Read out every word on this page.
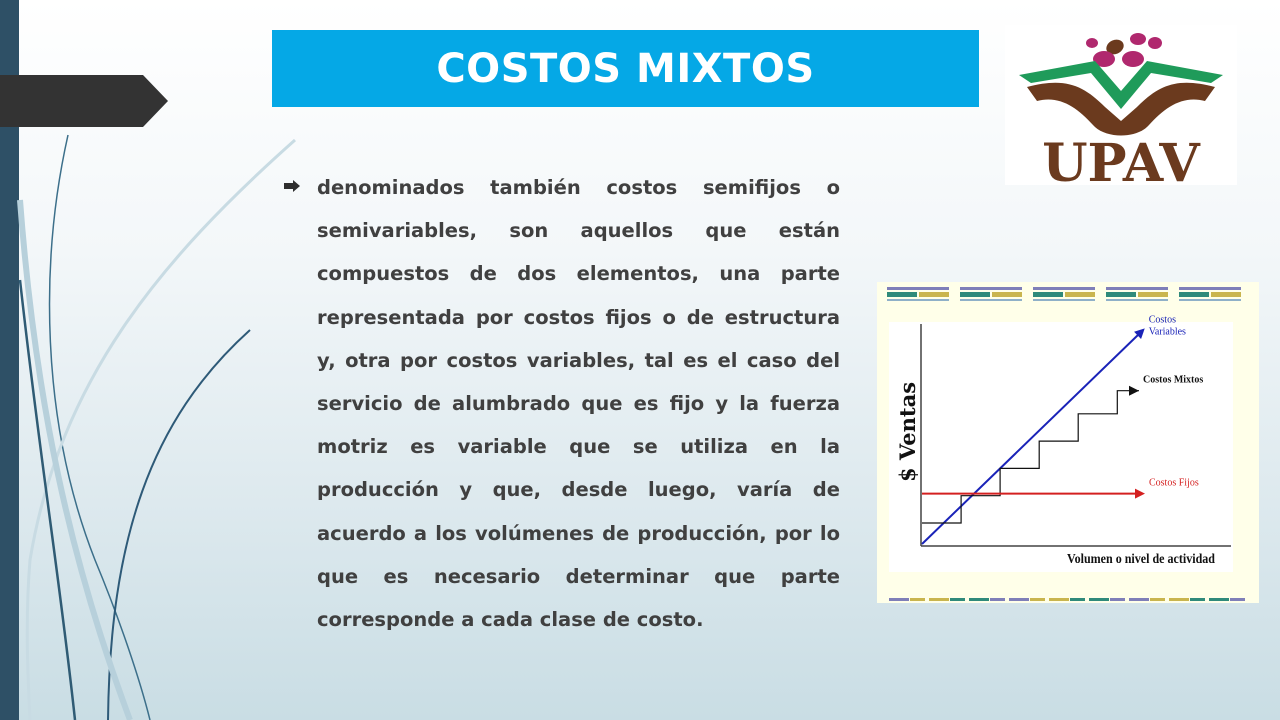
COSTOS MIXTOS
UPAV
denominados también costos semifijos o semivariables, son aquellos que están compuestos de dos elementos, una parte representada por costos fijos o de estructura y, otra por costos variables, tal es el caso del servicio de alumbrado que es fijo y la fuerza motriz es variable que se utiliza en la producción y que, desde luego, varía de acuerdo a los volúmenes de producción, por lo que es necesario determinar que parte corresponde a cada clase de costo.
$ Ventas
Volumen o nivel de actividad
Costos
Variables
Costos Mixtos
Costos Fijos
